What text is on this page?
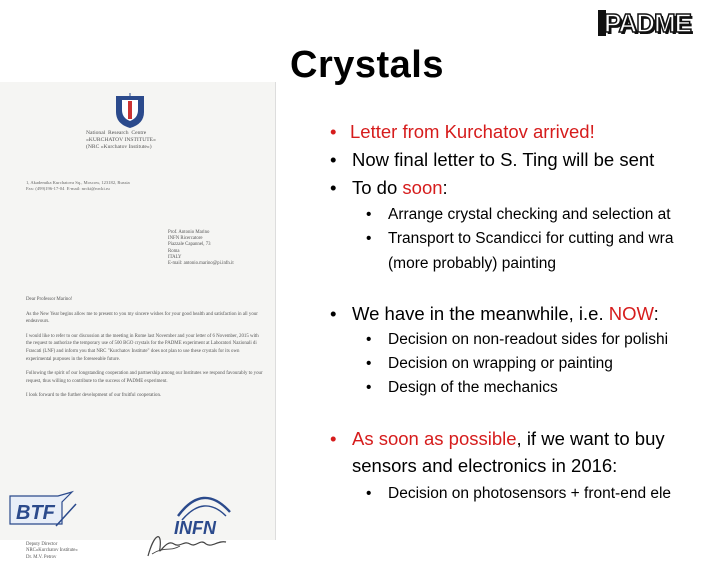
Crystals
PADME
National  Research  Centre
«KURCHATOV INSTITUTE»
(NRC «Kurchatov Institute»)
1, Akademika Kurchatova Sq., Moscow, 123182, Russia
Fax: (499)196-17-04  E-mail: nrcki@nrcki.ru
Prof. Antonio Marino
INFN Ricercatore
Piazzale Capannel, 73
Roma
ITALY
E-mail: antonio.marino@pi.infn.it

Dear Professor Marino!

As the New Year begins allow me to present to you my sincere wishes for your good health and satisfaction in all your endeavours.

I would like to refer to our discussion at the meeting in Rome last November and your letter of 6 November, 2015 with the request to authorize the temporary use of 500 BGO crystals for the PADME experiment at Laboratori Nazionali di Frascati (LNF) and inform you that NRC "Kurchatov Institute" does not plan to use these crystals for its own experimental purposes in the foreseeable future.

Following the spirit of our longstanding cooperation and partnership among our Institutes we respond favourably to your request, thus willing to contribute to the success of PADME experiment.

I look forward to the further development of our fruitful cooperation.

Deputy Director
NRC«Kurchatov Institute»
Dr. M.V. Petrov
BTF
INFN
• Letter from Kurchatov arrived!
• Now final letter to S. Ting will be sent
• To do soon:
• Arrange crystal checking and selection at
• Transport to Scandicci for cutting and wra
(more probably) painting
• We have in the meanwhile, i.e. NOW:
• Decision on non-readout sides for polishi
• Decision on wrapping or painting
• Design of the mechanics
• As soon as possible, if we want to buy
sensors and electronics in 2016:
• Decision on photosensors + front-end ele
